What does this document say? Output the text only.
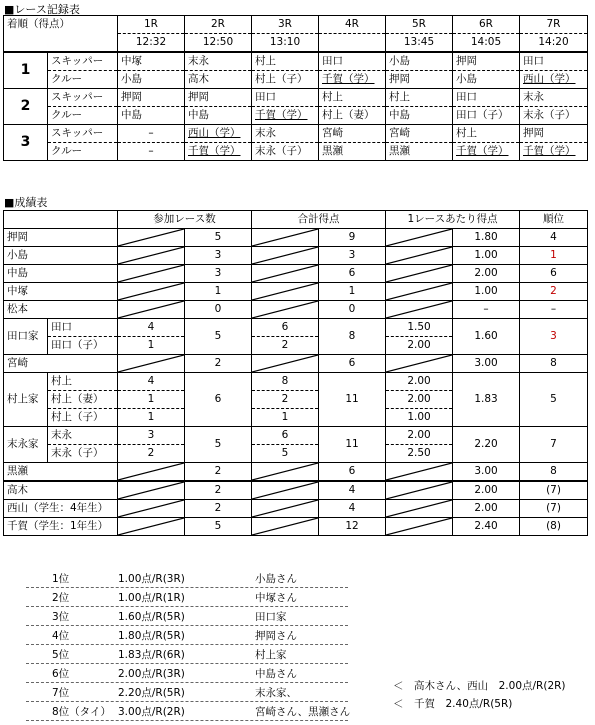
■レース記録表
着順（得点）		1R	2R	3R	4R	5R	6R	7R
		12:32	12:50	13:10		13:45	14:05	14:20
1	スキッパー	中塚	末永	村上	田口	小島	押岡	田口
	クルー	小島	高木	村上（子）	千賀（学）	押岡	小島	西山（学）
2	スキッパー	押岡	押岡	田口	村上	村上	田口	末永
	クルー	中島	中島	千賀（学）	村上（妻）	中島	田口（子）	末永（子）
3	スキッパー	–	西山（学）	末永	宮崎	宮崎	村上	押岡
	クルー	–	千賀（学）	末永（子）	黒瀬	黒瀬	千賀（学）	千賀（学）
■成績表
		参加レース数		合計得点		1レースあたり得点		順位
押岡			5		9		1.80	4
小島			3		3		1.00	1
中島			3		6		2.00	6
中塚			1		1		1.00	2
松本			0		0		–	–
田口家	田口	4	5	6	8	1.50	1.60	3
	田口（子）	1		2		2.00		
宮崎			2		6		3.00	8
村上家	村上	4	6	8	11	2.00	1.83	5
	村上（妻）	1		2		2.00		
	村上（子）	1		1		1.00		
末永家	末永	3	5	6	11	2.00	2.20	7
	末永（子）	2		5		2.50		
黒瀬			2		6		3.00	8
高木			2		4		2.00	(7)
西山（学生：4年生）			2		4		2.00	(7)
千賀（学生：1年生）			5		12		2.40	(8)
1位	1.00点/R(3R)	小島さん
2位	1.00点/R(1R)	中塚さん
3位	1.60点/R(5R)	田口家
4位	1.80点/R(5R)	押岡さん
5位	1.83点/R(6R)	村上家
6位	2.00点/R(3R)	中島さん
7位	2.20点/R(5R)	末永家、
8位（タイ） 3.00点/R(2R)	宮崎さん、黒瀬さん
＜　高木さん、西山　2.00点/R(2R)
＜　千賀　2.40点/R(5R)
